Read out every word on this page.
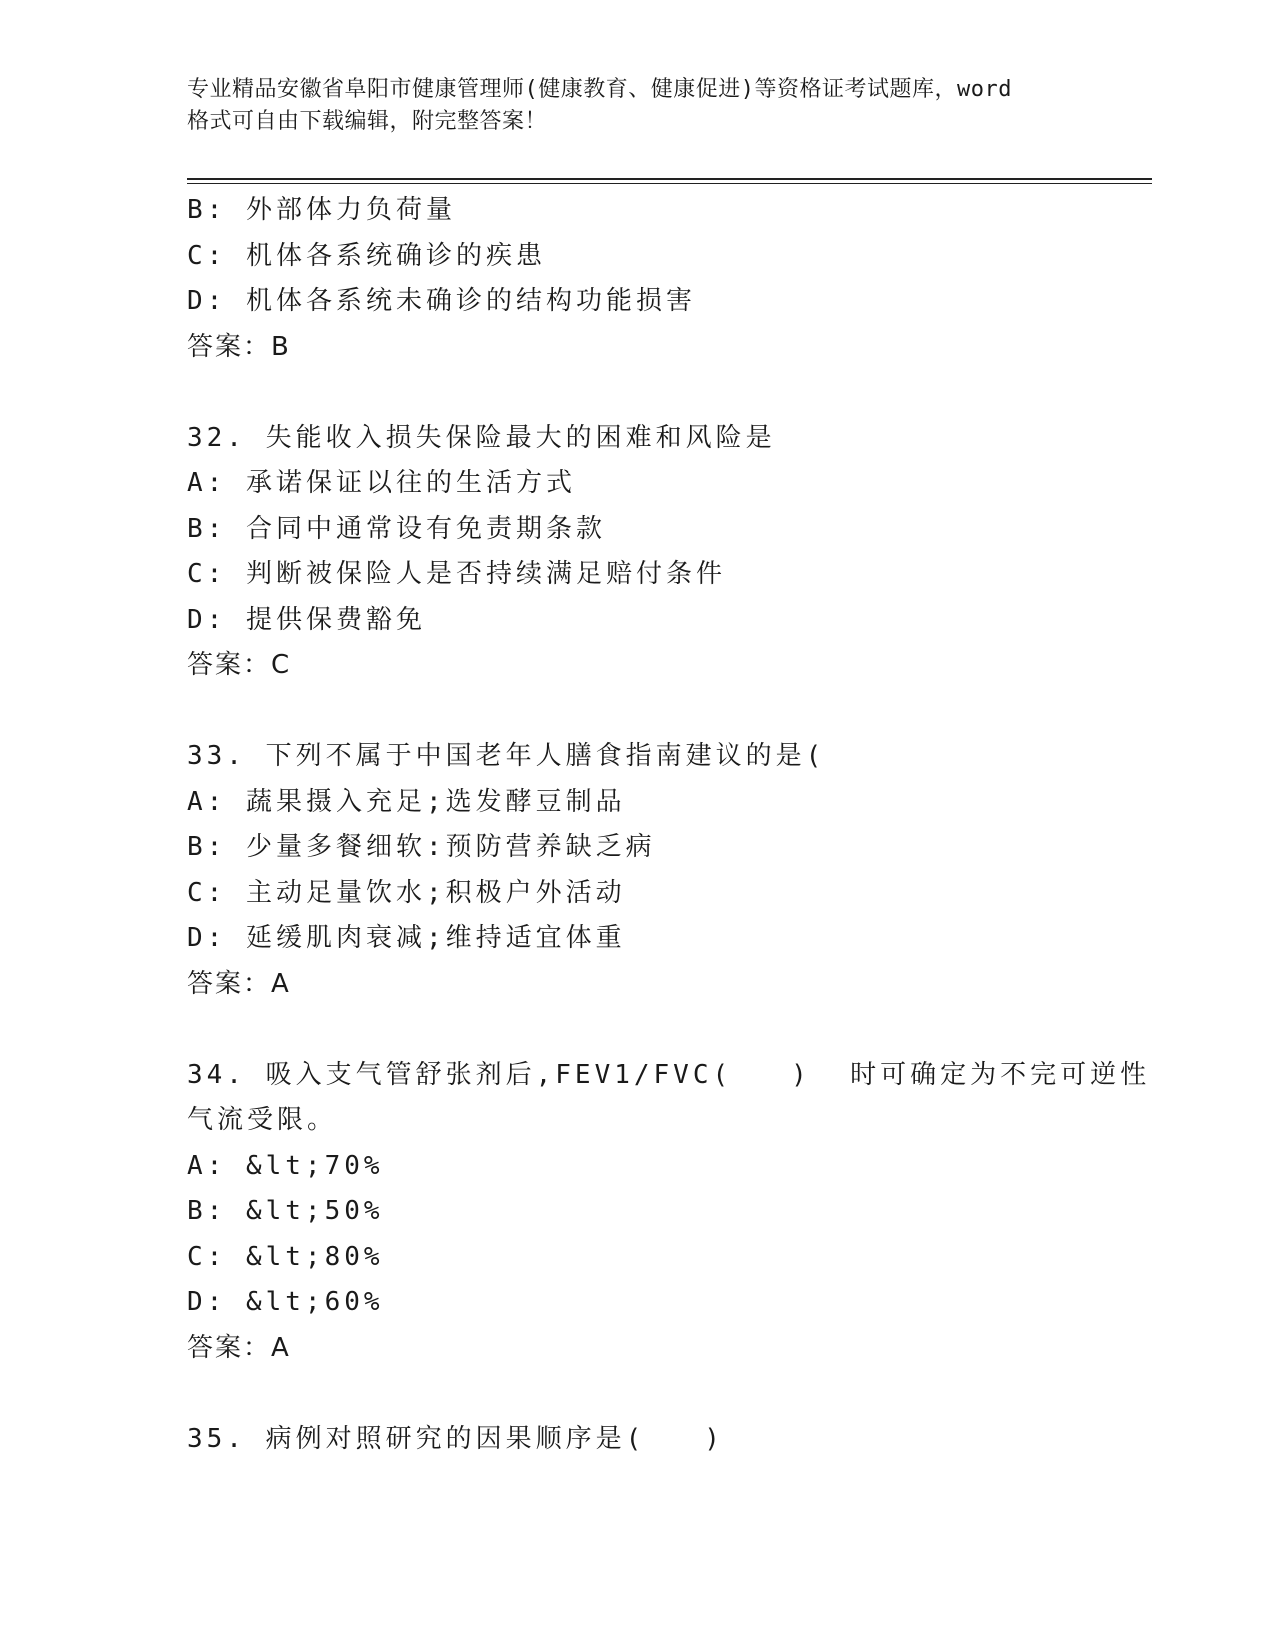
专业精品安徽省阜阳市健康管理师(健康教育、健康促进)等资格证考试题库，word
格式可自由下载编辑，附完整答案！
B: 外部体力负荷量
C: 机体各系统确诊的疾患
D: 机体各系统未确诊的结构功能损害
答案：B
32. 失能收入损失保险最大的困难和风险是
A: 承诺保证以往的生活方式
B: 合同中通常设有免责期条款
C: 判断被保险人是否持续满足赔付条件
D: 提供保费豁免
答案：C
33. 下列不属于中国老年人膳食指南建议的是(
A: 蔬果摄入充足;选发酵豆制品
B: 少量多餐细软:预防营养缺乏病
C: 主动足量饮水;积极户外活动
D: 延缓肌肉衰减;维持适宜体重
答案：A
34. 吸入支气管舒张剂后,FEV1/FVC(   )  时可确定为不完可逆性
气流受限。
A: &lt;70%
B: &lt;50%
C: &lt;80%
D: &lt;60%
答案：A
35. 病例对照研究的因果顺序是(   )
